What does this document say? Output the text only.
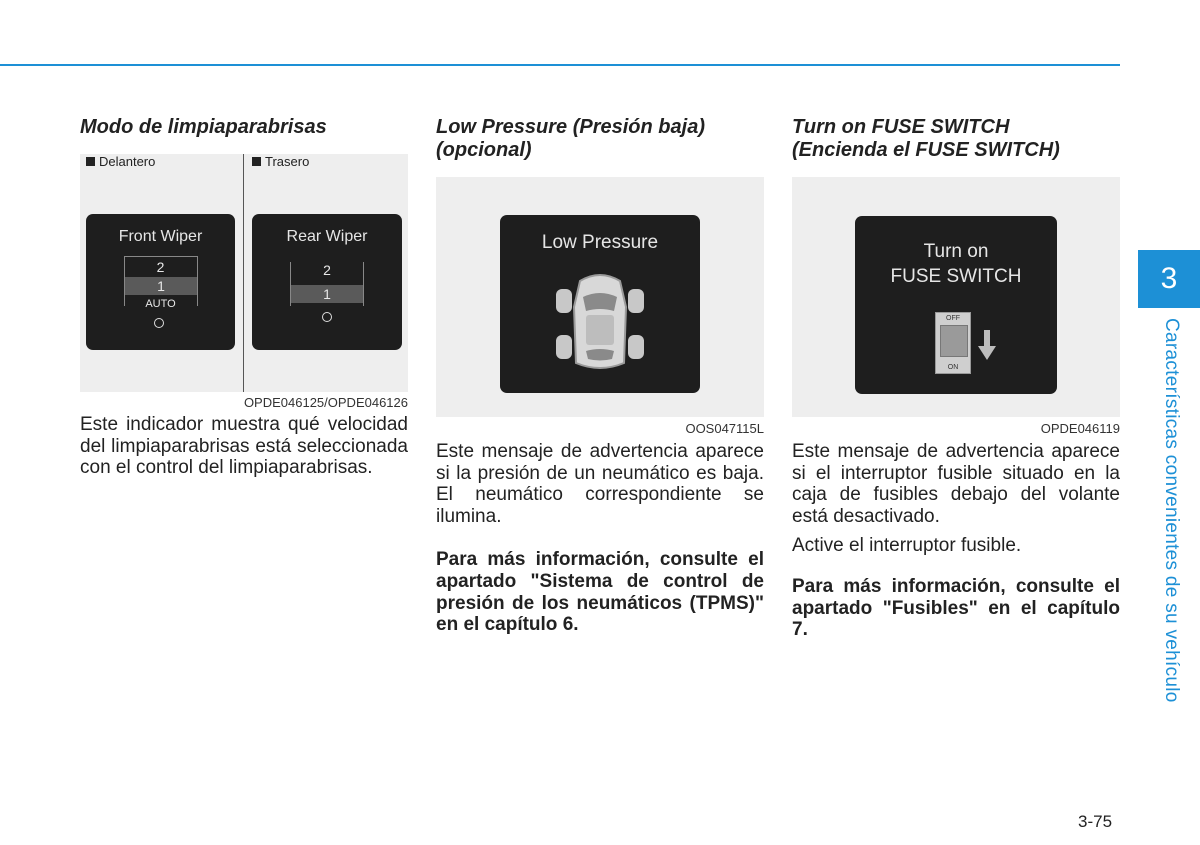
Modo de limpiaparabrisas
Delantero	Trasero
Front Wiper
2
1
AUTO
Rear Wiper
2
1
OPDE046125/OPDE046126

Este indicador muestra qué velocidad del limpiaparabrisas está seleccionada con el control del limpiaparabrisas.

Low Pressure (Presión baja) (opcional)
Low Pressure
OOS047115L

Este mensaje de advertencia aparece si la presión de un neumático es baja. El neumático correspondiente se ilumina.

Para más información, consulte el apartado "Sistema de control de presión de los neumáticos (TPMS)" en el capítulo 6.

Turn on FUSE SWITCH (Encienda el FUSE SWITCH)
Turn on
FUSE SWITCH
OFF
ON
OPDE046119

Este mensaje de advertencia aparece si el interruptor fusible situado en la caja de fusibles debajo del volante está desactivado.

Active el interruptor fusible.

Para más información, consulte el apartado "Fusibles" en el capítulo 7.

3
Características convenientes de su vehículo
3-75
